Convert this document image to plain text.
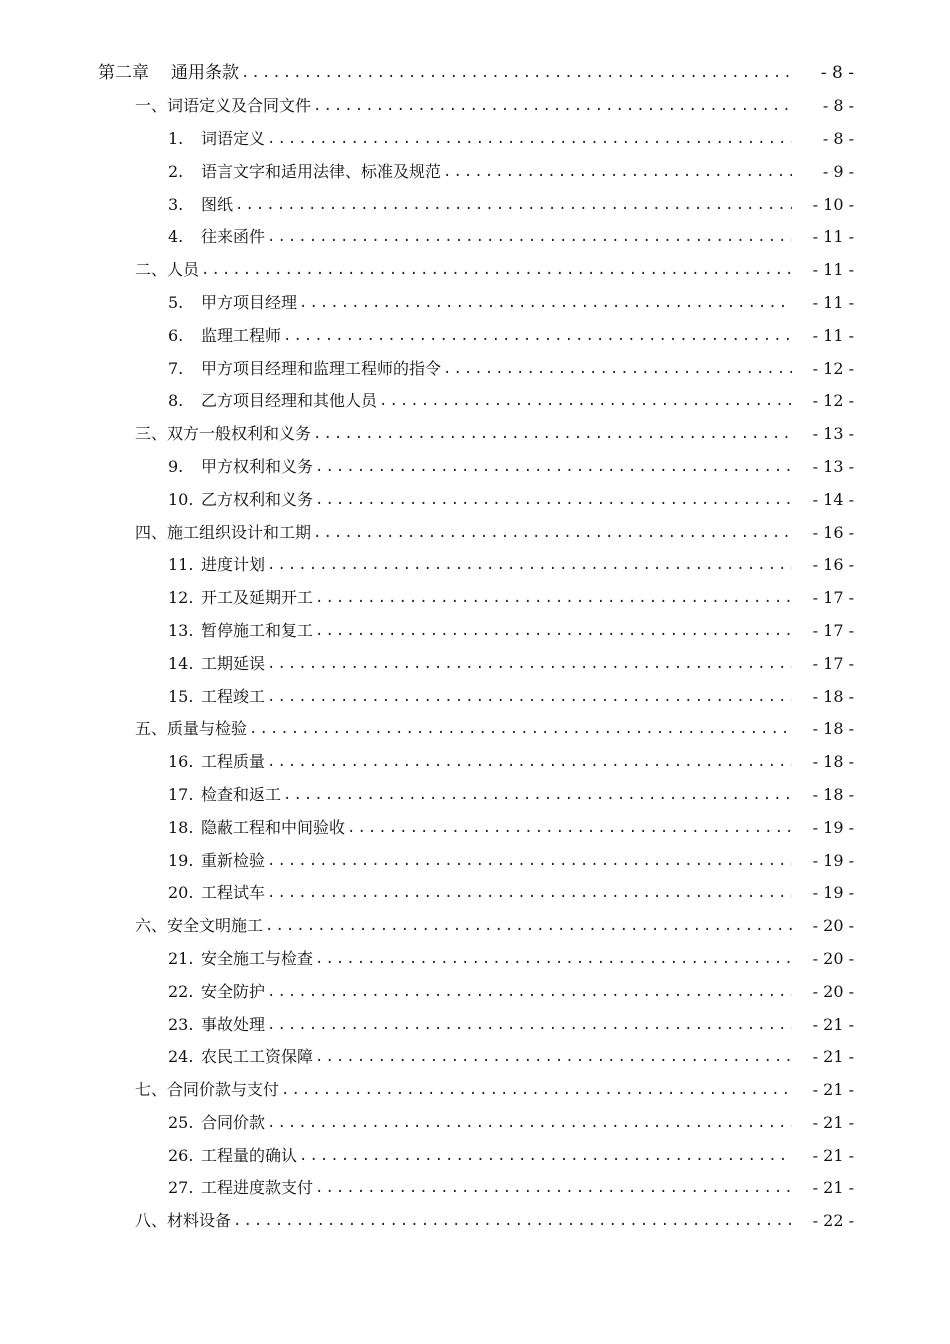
第二章 通用条款 .....	- 8 -
一、词语定义及合同文件 .....	- 8 -
1. 词语定义 .....	- 8 -
2. 语言文字和适用法律、标准及规范 .....	- 9 -
3. 图纸 .....	- 10 -
4. 往来函件 .....	- 11 -
二、人员 .....	- 11 -
5. 甲方项目经理 .....	- 11 -
6. 监理工程师 .....	- 11 -
7. 甲方项目经理和监理工程师的指令 .....	- 12 -
8. 乙方项目经理和其他人员 .....	- 12 -
三、双方一般权利和义务 .....	- 13 -
9. 甲方权利和义务 .....	- 13 -
10. 乙方权利和义务 .....	- 14 -
四、施工组织设计和工期 .....	- 16 -
11. 进度计划 .....	- 16 -
12. 开工及延期开工 .....	- 17 -
13. 暂停施工和复工 .....	- 17 -
14. 工期延误 .....	- 17 -
15. 工程竣工 .....	- 18 -
五、质量与检验 .....	- 18 -
16. 工程质量 .....	- 18 -
17. 检查和返工 .....	- 18 -
18. 隐蔽工程和中间验收 .....	- 19 -
19. 重新检验 .....	- 19 -
20. 工程试车 .....	- 19 -
六、安全文明施工 .....	- 20 -
21. 安全施工与检查 .....	- 20 -
22. 安全防护 .....	- 20 -
23. 事故处理 .....	- 21 -
24. 农民工工资保障 .....	- 21 -
七、合同价款与支付 .....	- 21 -
25. 合同价款 .....	- 21 -
26. 工程量的确认 .....	- 21 -
27. 工程进度款支付 .....	- 21 -
八、材料设备 .....	- 22 -
